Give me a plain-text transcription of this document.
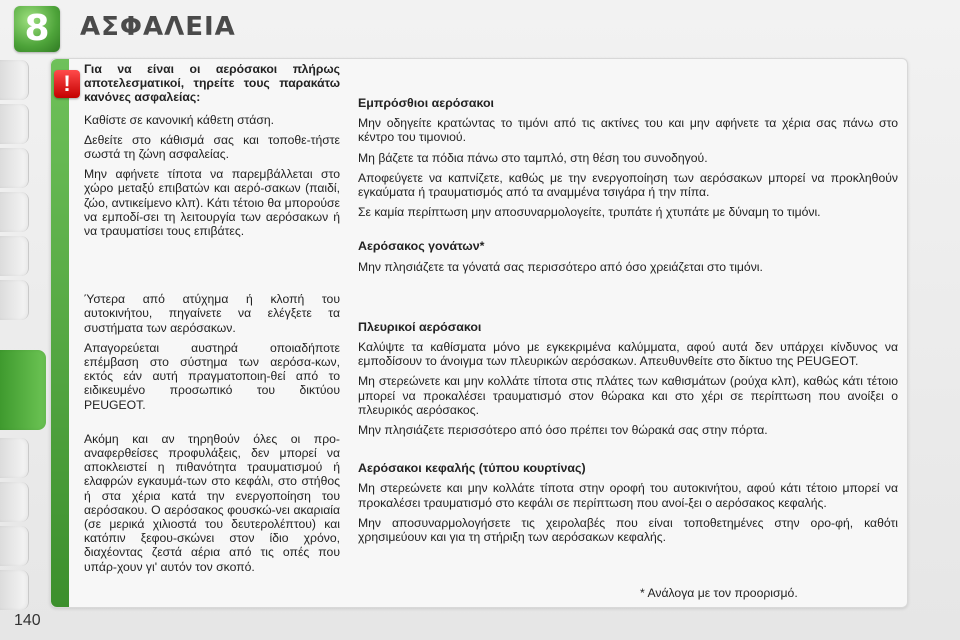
8	ΑΣΦΑΛΕΙΑ
!

Για να είναι οι αερόσακοι πλήρως αποτελεσματικοί, τηρείτε τους παρακάτω κανόνες ασφαλείας:

Καθίστε σε κανονική κάθετη στάση.

Δεθείτε στο κάθισμά σας και τοποθε-τήστε σωστά τη ζώνη ασφαλείας.

Μην αφήνετε τίποτα να παρεμβάλλεται στο χώρο μεταξύ επιβατών και αερό-σακων (παιδί, ζώο, αντικείμενο κλπ). Κάτι τέτοιο θα μπορούσε να εμποδί-σει τη λειτουργία των αερόσακων ή να τραυματίσει τους επιβάτες.

Ύστερα από ατύχημα ή κλοπή του αυτοκινήτου, πηγαίνετε να ελέγξετε τα συστήματα των αερόσακων.

Απαγορεύεται αυστηρά οποιαδήποτε επέμβαση στο σύστημα των αερόσα-κων, εκτός εάν αυτή πραγματοποιη-θεί από το ειδικευμένο προσωπικό του δικτύου PEUGEOT.

Ακόμη και αν τηρηθούν όλες οι προ-αναφερθείσες προφυλάξεις, δεν μπορεί να αποκλειστεί η πιθανότητα τραυματισμού ή ελαφρών εγκαυμά-των στο κεφάλι, στο στήθος ή στα χέρια κατά την ενεργοποίηση του αερόσακου. Ο αερόσακος φουσκώ-νει ακαριαία (σε μερικά χιλιοστά του δευτερολέπτου) και κατόπιν ξεφου-σκώνει στον ίδιο χρόνο, διαχέοντας ζεστά αέρια από τις οπές που υπάρ-χουν γι' αυτόν τον σκοπό.

Εμπρόσθιοι αερόσακοι

Μην οδηγείτε κρατώντας το τιμόνι από τις ακτίνες του και μην αφήνετε τα χέρια σας πάνω στο κέντρο του τιμονιού.

Μη βάζετε τα πόδια πάνω στο ταμπλό, στη θέση του συνοδηγού.

Αποφεύγετε να καπνίζετε, καθώς με την ενεργοποίηση των αερόσακων μπορεί να προκληθούν εγκαύματα ή τραυματισμός από τα αναμμένα τσιγάρα ή την πίπα.

Σε καμία περίπτωση μην αποσυναρμολογείτε, τρυπάτε ή χτυπάτε με δύναμη το τιμόνι.

Αερόσακος γονάτων*

Μην πλησιάζετε τα γόνατά σας περισσότερο από όσο χρειάζεται στο τιμόνι.

Πλευρικοί αερόσακοι

Καλύψτε τα καθίσματα μόνο με εγκεκριμένα καλύμματα, αφού αυτά δεν υπάρχει κίνδυνος να εμποδίσουν το άνοιγμα των πλευρικών αερόσακων. Απευθυνθείτε στο δίκτυο της PEUGEOT.

Μη στερεώνετε και μην κολλάτε τίποτα στις πλάτες των καθισμάτων (ρούχα κλπ), καθώς κάτι τέτοιο μπορεί να προκαλέσει τραυματισμό στον θώρακα και στο χέρι σε περίπτωση που ανοίξει ο πλευρικός αερόσακος.

Μην πλησιάζετε περισσότερο από όσο πρέπει τον θώρακά σας στην πόρτα.

Αερόσακοι κεφαλής (τύπου κουρτίνας)

Μη στερεώνετε και μην κολλάτε τίποτα στην οροφή του αυτοκινήτου, αφού κάτι τέτοιο μπορεί να προκαλέσει τραυματισμό στο κεφάλι σε περίπτωση που ανοί-ξει ο αερόσακος κεφαλής.

Μην αποσυναρμολογήσετε τις χειρολαβές που είναι τοποθετημένες στην ορο-φή, καθότι χρησιμεύουν και για τη στήριξη των αερόσακων κεφαλής.

* Ανάλογα με τον προορισμό.
140
